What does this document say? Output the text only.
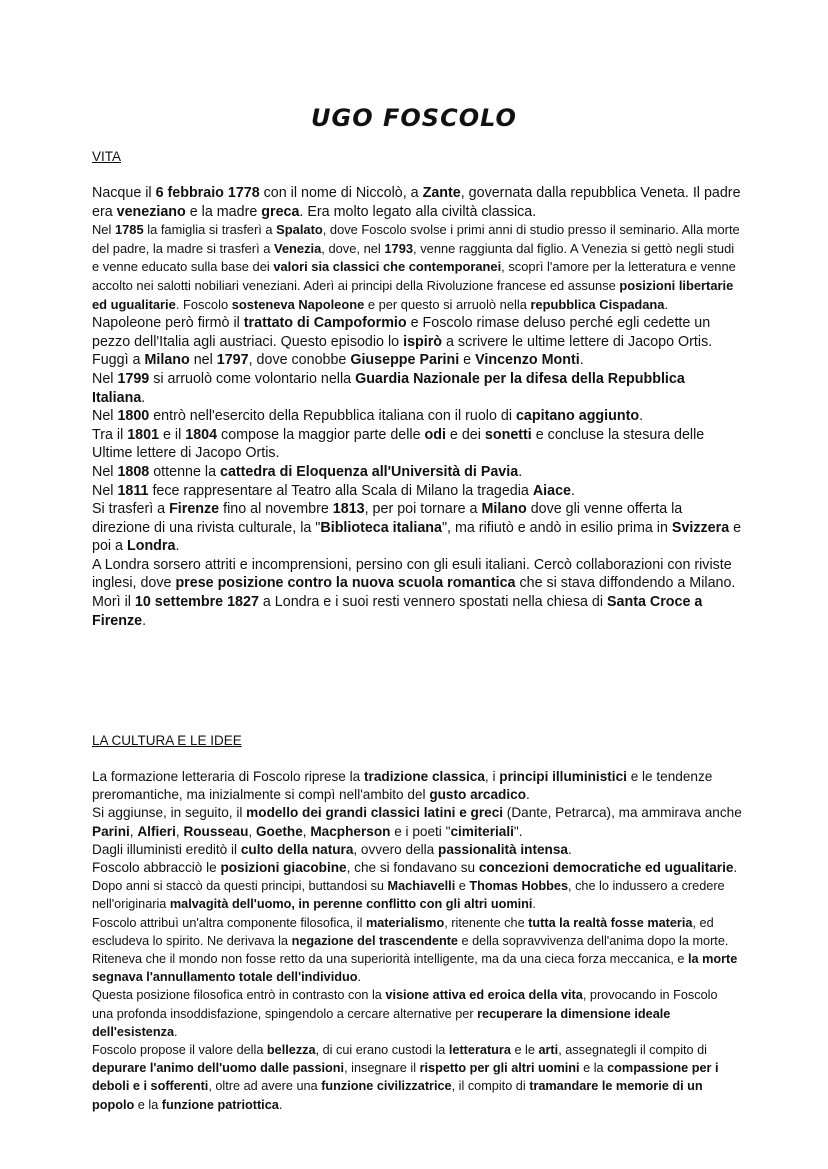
UGO FOSCOLO
VITA

Nacque il 6 febbraio 1778 con il nome di Niccolò, a Zante, governata dalla repubblica Veneta. Il padre era veneziano e la madre greca. Era molto legato alla civiltà classica.

Nel 1785 la famiglia si trasferì a Spalato, dove Foscolo svolse i primi anni di studio presso il seminario. Alla morte del padre, la madre si trasferì a Venezia, dove, nel 1793, venne raggiunta dal figlio. A Venezia si gettò negli studi e venne educato sulla base dei valori sia classici che contemporanei, scoprì l'amore per la letteratura e venne accolto nei salotti nobiliari veneziani. Aderì ai principi della Rivoluzione francese ed assunse posizioni libertarie ed ugualitarie. Foscolo sosteneva Napoleone e per questo si arruolò nella repubblica Cispadana.

Napoleone però firmò il trattato di Campoformio e Foscolo rimase deluso perché egli cedette un pezzo dell'Italia agli austriaci. Questo episodio lo ispirò a scrivere le ultime lettere di Jacopo Ortis.

Fuggì a Milano nel 1797, dove conobbe Giuseppe Parini e Vincenzo Monti.

Nel 1799 si arruolò come volontario nella Guardia Nazionale per la difesa della Repubblica Italiana.

Nel 1800 entrò nell'esercito della Repubblica italiana con il ruolo di capitano aggiunto.

Tra il 1801 e il 1804 compose la maggior parte delle odi e dei sonetti e concluse la stesura delle Ultime lettere di Jacopo Ortis.

Nel 1808 ottenne la cattedra di Eloquenza all'Università di Pavia.

Nel 1811 fece rappresentare al Teatro alla Scala di Milano la tragedia Aiace.

Si trasferì a Firenze fino al novembre 1813, per poi tornare a Milano dove gli venne offerta la direzione di una rivista culturale, la "Biblioteca italiana", ma rifiutò e andò in esilio prima in Svizzera e poi a Londra.

A Londra sorsero attriti e incomprensioni, persino con gli esuli italiani. Cercò collaborazioni con riviste inglesi, dove prese posizione contro la nuova scuola romantica che si stava diffondendo a Milano.

Morì il 10 settembre 1827 a Londra e i suoi resti vennero spostati nella chiesa di Santa Croce a Firenze.

LA CULTURA E LE IDEE

La formazione letteraria di Foscolo riprese la tradizione classica, i principi illuministici e le tendenze preromantiche, ma inizialmente si compì nell'ambito del gusto arcadico.

Si aggiunse, in seguito, il modello dei grandi classici latini e greci (Dante, Petrarca), ma ammirava anche Parini, Alfieri, Rousseau, Goethe, Macpherson e i poeti "cimiteriali".

Dagli illuministi ereditò il culto della natura, ovvero della passionalità intensa.

Foscolo abbracciò le posizioni giacobine, che si fondavano su concezioni democratiche ed ugualitarie.

Dopo anni si staccò da questi principi, buttandosi su Machiavelli e Thomas Hobbes, che lo indussero a credere nell'originaria malvagità dell'uomo, in perenne conflitto con gli altri uomini.

Foscolo attribuì un'altra componente filosofica, il materialismo, ritenente che tutta la realtà fosse materia, ed escludeva lo spirito. Ne derivava la negazione del trascendente e della sopravvivenza dell'anima dopo la morte. Riteneva che il mondo non fosse retto da una superiorità intelligente, ma da una cieca forza meccanica, e la morte segnava l'annullamento totale dell'individuo.

Questa posizione filosofica entrò in contrasto con la visione attiva ed eroica della vita, provocando in Foscolo una profonda insoddisfazione, spingendolo a cercare alternative per recuperare la dimensione ideale dell'esistenza.

Foscolo propose il valore della bellezza, di cui erano custodi la letteratura e le arti, assegnategli il compito di depurare l'animo dell'uomo dalle passioni, insegnare il rispetto per gli altri uomini e la compassione per i deboli e i sofferenti, oltre ad avere una funzione civilizzatrice, il compito di tramandare le memorie di un popolo e la funzione patriottica.
